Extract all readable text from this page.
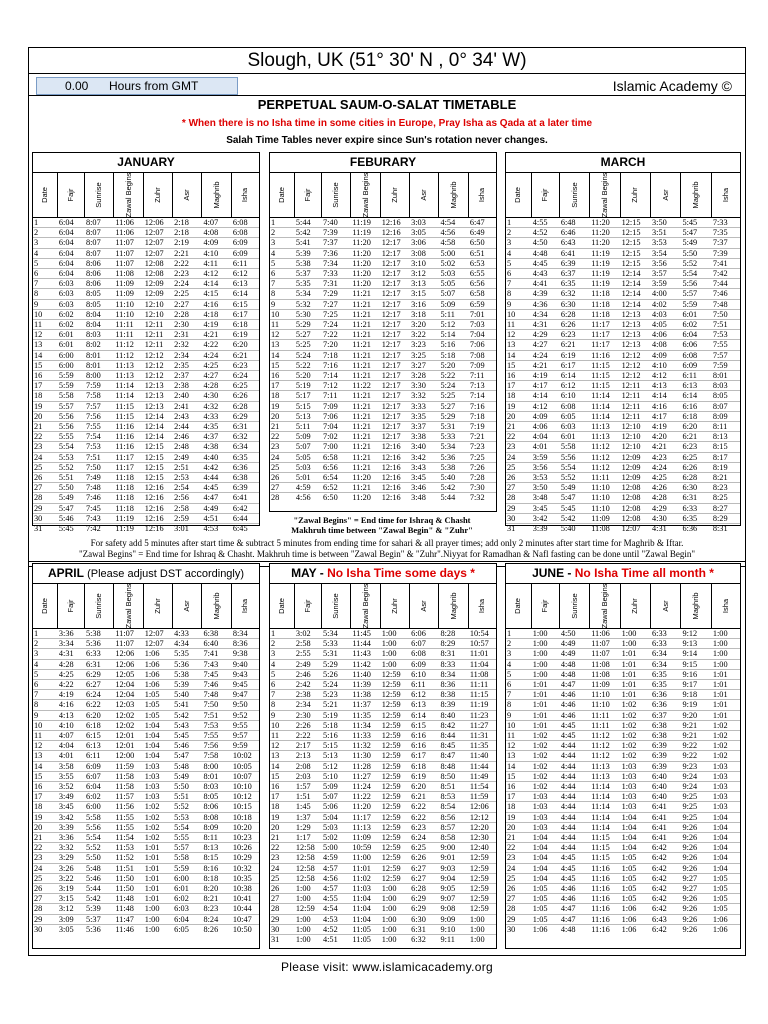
Slough, UK (51° 30' N , 0° 34' W)
0.00 Hours from GMT	Islamic Academy ©
PERPETUAL SAUM-O-SALAT TIMETABLE
* When there is no Isha time in some cities in Europe, Pray Isha as Qada at a later time
Salah Time Tables never expire since Sun's rotation never changes.
JANUARY
Date Fajr	Sunrise	Zawal Begins	Zuhr	Asr	Maghrib	Isha
1	6:04	8:07	11:06	12:06	2:18	4:07	6:08
2	6:04	8:07	11:06	12:07	2:18	4:08	6:08
3	6:04	8:07	11:07	12:07	2:19	4:09	6:09
4	6:04	8:07	11:07	12:07	2:21	4:10	6:09
5	6:04	8:06	11:07	12:08	2:22	4:11	6:11
6	6:04	8:06	11:08	12:08	2:23	4:12	6:12
7	6:03	8:06	11:09	12:09	2:24	4:14	6:13
8	6:03	8:05	11:09	12:09	2:25	4:15	6:14
9	6:03	8:05	11:10	12:10	2:27	4:16	6:15
10	6:02	8:04	11:10	12:10	2:28	4:18	6:17
11	6:02	8:04	11:11	12:11	2:30	4:19	6:18
12	6:01	8:03	11:11	12:11	2:31	4:21	6:19
13	6:01	8:02	11:12	12:11	2:32	4:22	6:20
14	6:00	8:01	11:12	12:12	2:34	4:24	6:21
15	6:00	8:01	11:13	12:12	2:35	4:25	6:23
16	5:59	8:00	11:13	12:12	2:37	4:27	6:24
17	5:59	7:59	11:14	12:13	2:38	4:28	6:25
18	5:58	7:58	11:14	12:13	2:40	4:30	6:26
19	5:57	7:57	11:15	12:13	2:41	4:32	6:28
20	5:56	7:56	11:15	12:14	2:43	4:33	6:29
21	5:56	7:55	11:16	12:14	2:44	4:35	6:31
22	5:55	7:54	11:16	12:14	2:46	4:37	6:32
23	5:54	7:53	11:16	12:15	2:48	4:38	6:34
24	5:53	7:51	11:17	12:15	2:49	4:40	6:35
25	5:52	7:50	11:17	12:15	2:51	4:42	6:36
26	5:51	7:49	11:18	12:15	2:53	4:44	6:38
27	5:50	7:48	11:18	12:16	2:54	4:45	6:39
28	5:49	7:46	11:18	12:16	2:56	4:47	6:41
29	5:47	7:45	11:18	12:16	2:58	4:49	6:42
30	5:46	7:43	11:19	12:16	2:59	4:51	6:44
31	5:45	7:42	11:19	12:16	3:01	4:53	6:45
FEBURARY
Date Fajr	Sunrise	Zawal Begins	Zuhr	Asr	Maghrib	Isha
1	5:44	7:40	11:19	12:16	3:03	4:54	6:47
2	5:42	7:39	11:19	12:16	3:05	4:56	6:49
3	5:41	7:37	11:20	12:17	3:06	4:58	6:50
4	5:39	7:36	11:20	12:17	3:08	5:00	6:51
5	5:38	7:34	11:20	12:17	3:10	5:02	6:53
6	5:37	7:33	11:20	12:17	3:12	5:03	6:55
7	5:35	7:31	11:20	12:17	3:13	5:05	6:56
8	5:34	7:29	11:21	12:17	3:15	5:07	6:58
9	5:32	7:27	11:21	12:17	3:16	5:09	6:59
10	5:30	7:25	11:21	12:17	3:18	5:11	7:01
11	5:29	7:24	11:21	12:17	3:20	5:12	7:03
12	5:27	7:22	11:21	12:17	3:22	5:14	7:04
13	5:25	7:20	11:21	12:17	3:23	5:16	7:06
14	5:24	7:18	11:21	12:17	3:25	5:18	7:08
15	5:22	7:16	11:21	12:17	3:27	5:20	7:09
16	5:20	7:14	11:21	12:17	3:28	5:22	7:11
17	5:19	7:12	11:22	12:17	3:30	5:24	7:13
18	5:17	7:11	11:21	12:17	3:32	5:25	7:14
19	5:15	7:09	11:21	12:17	3:33	5:27	7:16
20	5:13	7:06	11:21	12:17	3:35	5:29	7:18
21	5:11	7:04	11:21	12:17	3:37	5:31	7:19
22	5:09	7:02	11:21	12:17	3:38	5:33	7:21
23	5:07	7:00	11:21	12:16	3:40	5:34	7:23
24	5:05	6:58	11:21	12:16	3:42	5:36	7:25
25	5:03	6:56	11:21	12:16	3:43	5:38	7:26
26	5:01	6:54	11:20	12:16	3:45	5:40	7:28
27	4:59	6:52	11:21	12:16	3:46	5:42	7:30
28	4:56	6:50	11:20	12:16	3:48	5:44	7:32
MARCH
Date Fajr	Sunrise	Zawal Begins	Zuhr	Asr	Maghrib	Isha
1	4:55	6:48	11:20	12:15	3:50	5:45	7:33
2	4:52	6:46	11:20	12:15	3:51	5:47	7:35
3	4:50	6:43	11:20	12:15	3:53	5:49	7:37
4	4:48	6:41	11:19	12:15	3:54	5:50	7:39
5	4:45	6:39	11:19	12:15	3:56	5:52	7:41
6	4:43	6:37	11:19	12:14	3:57	5:54	7:42
7	4:41	6:35	11:19	12:14	3:59	5:56	7:44
8	4:39	6:32	11:18	12:14	4:00	5:57	7:46
9	4:36	6:30	11:18	12:14	4:02	5:59	7:48
10	4:34	6:28	11:18	12:13	4:03	6:01	7:50
11	4:31	6:26	11:17	12:13	4:05	6:02	7:51
12	4:29	6:23	11:17	12:13	4:06	6:04	7:53
13	4:27	6:21	11:17	12:13	4:08	6:06	7:55
14	4:24	6:19	11:16	12:12	4:09	6:08	7:57
15	4:21	6:17	11:15	12:12	4:10	6:09	7:59
16	4:19	6:14	11:15	12:12	4:12	6:11	8:01
17	4:17	6:12	11:15	12:11	4:13	6:13	8:03
18	4:14	6:10	11:14	12:11	4:14	6:14	8:05
19	4:12	6:08	11:14	12:11	4:16	6:16	8:07
20	4:09	6:05	11:14	12:11	4:17	6:18	8:09
21	4:06	6:03	11:13	12:10	4:19	6:20	8:11
22	4:04	6:01	11:13	12:10	4:20	6:21	8:13
23	4:01	5:58	11:12	12:10	4:21	6:23	8:15
24	3:59	5:56	11:12	12:09	4:23	6:25	8:17
25	3:56	5:54	11:12	12:09	4:24	6:26	8:19
26	3:53	5:52	11:11	12:09	4:25	6:28	8:21
27	3:50	5:49	11:10	12:08	4:26	6:30	8:23
28	3:48	5:47	11:10	12:08	4:28	6:31	8:25
29	3:45	5:45	11:10	12:08	4:29	6:33	8:27
30	3:42	5:42	11:09	12:08	4:30	6:35	8:29
31	3:39	5:40	11:08	12:07	4:31	6:36	8:31
"Zawal Begins" = End time for Ishraq & Chasht
Makhruh time between "Zawal Begin" & "Zuhr"
For safety add 5 minutes after start time & subtract 5 minutes from ending time for sahari & all prayer times; add only 2 minutes after start time for Maghrib & Iftar.
"Zawal Begins" = End time for Ishraq & Chasht. Makhruh time is between "Zawal Begin" & "Zuhr".Niyyat for Ramadhan & Nafl fasting can be done until "Zawal Begin"
APRIL (Please adjust DST accordingly)
Date Fajr	Sunrise	Zawal Begins	Zuhr	Asr	Maghrib	Isha
1	3:36	5:38	11:07	12:07	4:33	6:38	8:34
2	3:34	5:36	11:07	12:07	4:34	6:40	8:36
3	4:31	6:33	12:06	1:06	5:35	7:41	9:38
4	4:28	6:31	12:06	1:06	5:36	7:43	9:40
5	4:25	6:29	12:05	1:06	5:38	7:45	9:43
6	4:22	6:27	12:04	1:06	5:39	7:46	9:45
7	4:19	6:24	12:04	1:05	5:40	7:48	9:47
8	4:16	6:22	12:03	1:05	5:41	7:50	9:50
9	4:13	6:20	12:02	1:05	5:42	7:51	9:52
10	4:10	6:18	12:02	1:04	5:43	7:53	9:55
11	4:07	6:15	12:01	1:04	5:45	7:55	9:57
12	4:04	6:13	12:01	1:04	5:46	7:56	9:59
13	4:01	6:11	12:00	1:04	5:47	7:58	10:02
14	3:58	6:09	11:59	1:03	5:48	8:00	10:05
15	3:55	6:07	11:58	1:03	5:49	8:01	10:07
16	3:52	6:04	11:58	1:03	5:50	8:03	10:10
17	3:49	6:02	11:57	1:03	5:51	8:05	10:12
18	3:45	6:00	11:56	1:02	5:52	8:06	10:15
19	3:42	5:58	11:55	1:02	5:53	8:08	10:18
20	3:39	5:56	11:55	1:02	5:54	8:09	10:20
21	3:36	5:54	11:54	1:02	5:55	8:11	10:23
22	3:32	5:52	11:53	1:01	5:57	8:13	10:26
23	3:29	5:50	11:52	1:01	5:58	8:15	10:29
24	3:26	5:48	11:51	1:01	5:59	8:16	10:32
25	3:22	5:46	11:50	1:01	6:00	8:18	10:35
26	3:19	5:44	11:50	1:01	6:01	8:20	10:38
27	3:15	5:42	11:48	1:01	6:02	8:21	10:41
28	3:12	5:39	11:48	1:00	6:03	8:23	10:44
29	3:09	5:37	11:47	1:00	6:04	8:24	10:47
30	3:05	5:36	11:46	1:00	6:05	8:26	10:50
MAY - No Isha Time some days *
Date Fajr	Sunrise	Zawal Begins	Zuhr	Asr	Maghrib	Isha
1	3:02	5:34	11:45	1:00	6:06	8:28	10:54
2	2:58	5:33	11:44	1:00	6:07	8:29	10:57
3	2:55	5:31	11:43	1:00	6:08	8:31	11:01
4	2:49	5:29	11:42	1:00	6:09	8:33	11:04
5	2:46	5:26	11:40	12:59	6:10	8:34	11:08
6	2:42	5:24	11:39	12:59	6:11	8:36	11:11
7	2:38	5:23	11:38	12:59	6:12	8:38	11:15
8	2:34	5:21	11:37	12:59	6:13	8:39	11:19
9	2:30	5:19	11:35	12:59	6:14	8:40	11:23
10	2:26	5:18	11:34	12:59	6:15	8:42	11:27
11	2:22	5:16	11:33	12:59	6:16	8:44	11:31
12	2:17	5:15	11:32	12:59	6:16	8:45	11:35
13	2:13	5:13	11:30	12:59	6:17	8:47	11:40
14	2:08	5:12	11:28	12:59	6:18	8:48	11:44
15	2:03	5:10	11:27	12:59	6:19	8:50	11:49
16	1:57	5:09	11:24	12:59	6:20	8:51	11:54
17	1:51	5:07	11:22	12:59	6:21	8:53	11:59
18	1:45	5:06	11:20	12:59	6:22	8:54	12:06
19	1:37	5:04	11:17	12:59	6:22	8:56	12:12
20	1:29	5:03	11:13	12:59	6:23	8:57	12:20
21	1:17	5:02	11:09	12:59	6:24	8:58	12:30
22	12:58	5:00	10:59	12:59	6:25	9:00	12:40
23	12:58	4:59	11:00	12:59	6:26	9:01	12:59
24	12:58	4:57	11:01	12:59	6:27	9:03	12:59
25	12:58	4:56	11:02	12:59	6:27	9:04	12:59
26	1:00	4:57	11:03	1:00	6:28	9:05	12:59
27	1:00	4:55	11:04	1:00	6:29	9:07	12:59
28	12:59	4:54	11:04	1:00	6:29	9:08	12:59
29	1:00	4:53	11:04	1:00	6:30	9:09	1:00
30	1:00	4:52	11:05	1:00	6:31	9:10	1:00
31	1:00	4:51	11:05	1:00	6:32	9:11	1:00
JUNE - No Isha Time all month *
Date Fajr	Sunrise	Zawal Begins	Zuhr	Asr	Maghrib	Isha
1	1:00	4:50	11:06	1:00	6:33	9:12	1:00
2	1:00	4:49	11:07	1:00	6:33	9:13	1:00
3	1:00	4:49	11:07	1:01	6:34	9:14	1:00
4	1:00	4:48	11:08	1:01	6:34	9:15	1:00
5	1:00	4:48	11:08	1:01	6:35	9:16	1:01
6	1:01	4:47	11:09	1:01	6:35	9:17	1:01
7	1:01	4:46	11:10	1:01	6:36	9:18	1:01
8	1:01	4:46	11:10	1:02	6:36	9:19	1:01
9	1:01	4:46	11:11	1:02	6:37	9:20	1:01
10	1:01	4:45	11:11	1:02	6:38	9:21	1:02
11	1:02	4:45	11:12	1:02	6:38	9:21	1:02
12	1:02	4:44	11:12	1:02	6:39	9:22	1:02
13	1:02	4:44	11:12	1:02	6:39	9:22	1:02
14	1:02	4:44	11:13	1:03	6:39	9:23	1:03
15	1:02	4:44	11:13	1:03	6:40	9:24	1:03
16	1:02	4:44	11:14	1:03	6:40	9:24	1:03
17	1:03	4:44	11:14	1:03	6:40	9:25	1:03
18	1:03	4:44	11:14	1:03	6:41	9:25	1:03
19	1:03	4:44	11:14	1:04	6:41	9:25	1:04
20	1:03	4:44	11:14	1:04	6:41	9:26	1:04
21	1:04	4:44	11:15	1:04	6:41	9:26	1:04
22	1:04	4:44	11:15	1:04	6:42	9:26	1:04
23	1:04	4:45	11:15	1:05	6:42	9:26	1:04
24	1:04	4:45	11:16	1:05	6:42	9:26	1:04
25	1:04	4:45	11:16	1:05	6:42	9:27	1:05
26	1:05	4:46	11:16	1:05	6:42	9:27	1:05
27	1:05	4:46	11:16	1:05	6:42	9:26	1:05
28	1:05	4:47	11:16	1:06	6:42	9:26	1:05
29	1:05	4:47	11:16	1:06	6:43	9:26	1:06
30	1:06	4:48	11:16	1:06	6:42	9:26	1:06
Please visit: www.islamicacademy.org
